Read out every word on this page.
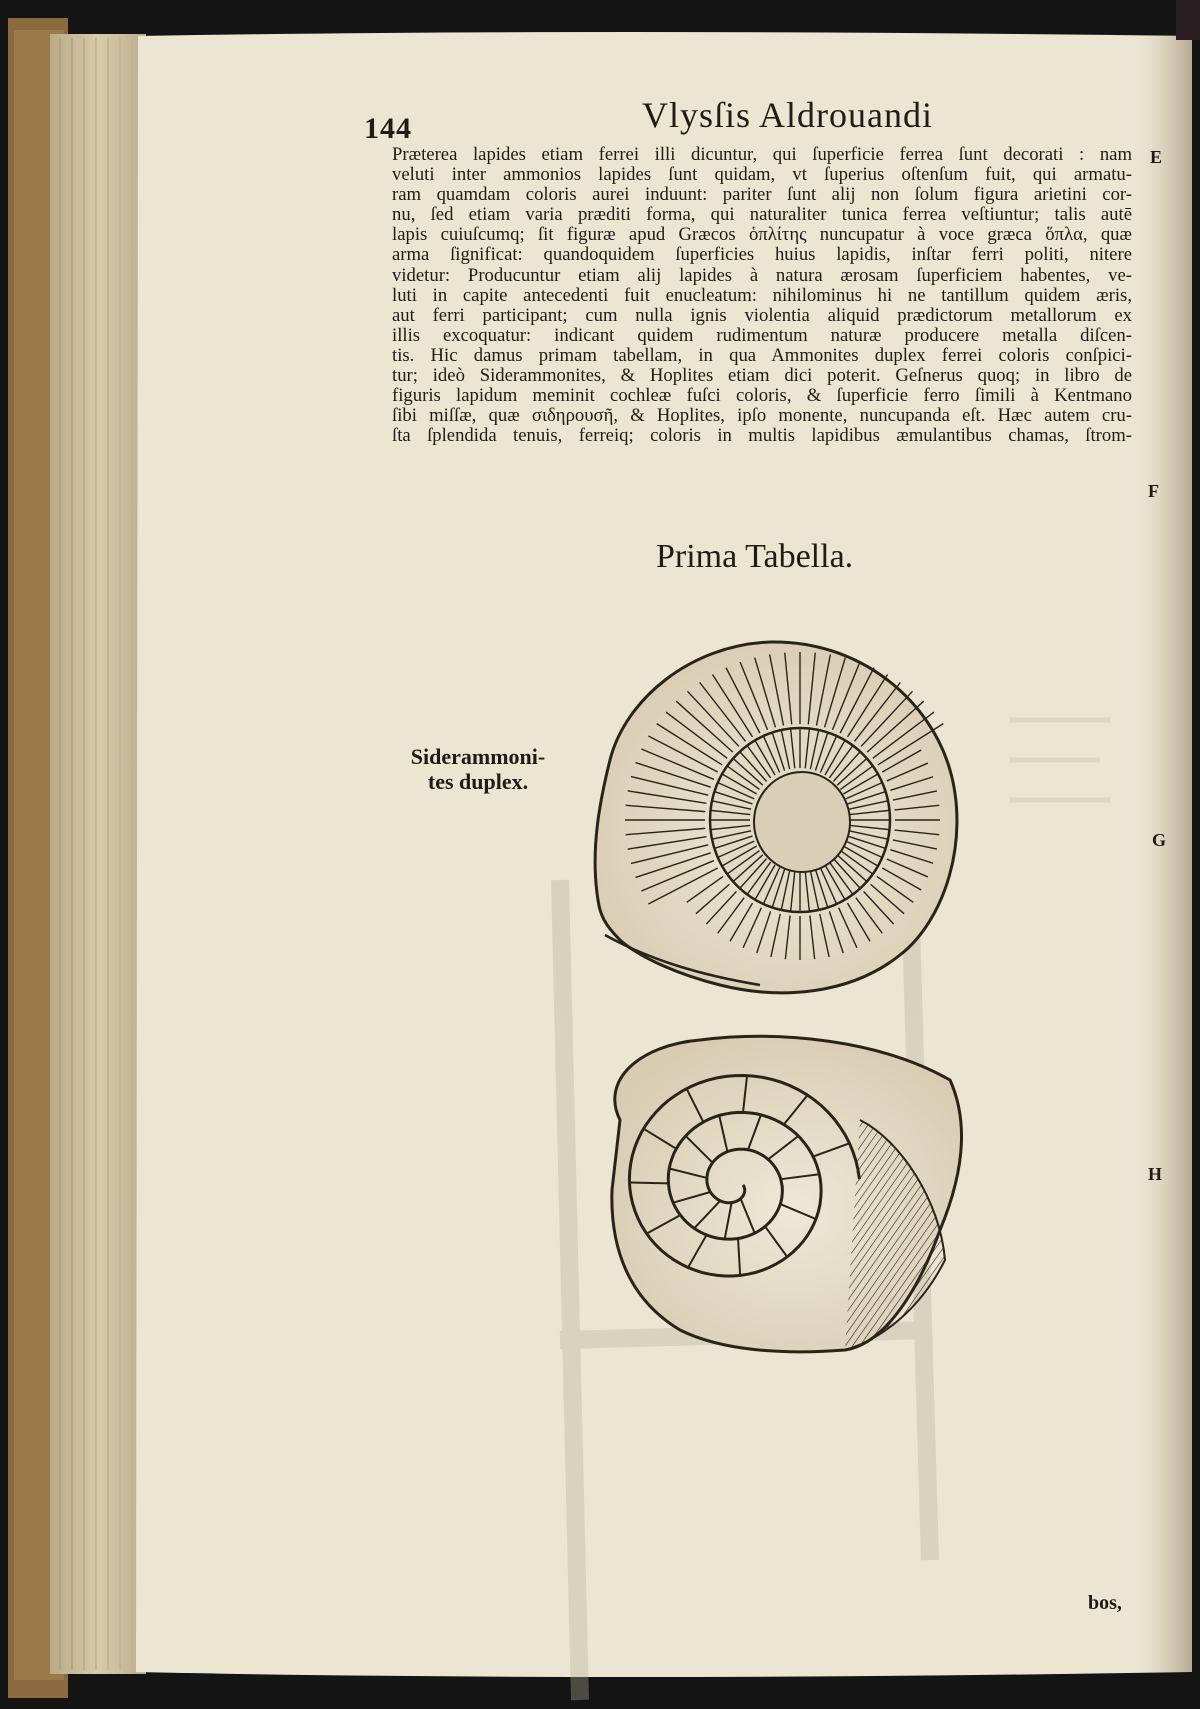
144	Vlysſis Aldrouandi
Præterea lapides etiam ferrei illi dicuntur, qui ſuperficie ferrea ſunt decorati : nam
veluti inter ammonios lapides ſunt quidam, vt ſuperius oſtenſum fuit, qui armatu-
ram quamdam coloris aurei induunt: pariter ſunt alij non ſolum figura arietini cor-
nu, ſed etiam varia præditi forma, qui naturaliter tunica ferrea veſtiuntur; talis autē
lapis cuiuſcumq; ſit figuræ apud Græcos ὁπλίτης nuncupatur à voce græca ὅπλα, quæ
arma ſignificat: quandoquidem ſuperficies huius lapidis, inſtar ferri politi, nitere
videtur: Producuntur etiam alij lapides à natura ærosam ſuperficiem habentes, ve-
luti in capite antecedenti fuit enucleatum: nihilominus hi ne tantillum quidem æris,
aut ferri participant; cum nulla ignis violentia aliquid prædictorum metallorum ex
illis excoquatur: indicant quidem rudimentum naturæ producere metalla diſcen-
tis. Hic damus primam tabellam, in qua Ammonites duplex ferrei coloris conſpici-
tur; ideò Siderammonites, & Hoplites etiam dici poterit. Geſnerus quoq; in libro de
figuris lapidum meminit cochleæ fuſci coloris, & ſuperficie ferro ſimili à Kentmano
ſibi miſſæ, quæ σιδηρουσῆ, & Hoplites, ipſo monente, nuncupanda eſt. Hæc autem cru-
ſta ſplendida tenuis, ferreiq; coloris in multis lapidibus æmulantibus chamas, ſtrom-
Prima Tabella.
Siderammoni-
tes duplex.
E
F
G
H
bos,
